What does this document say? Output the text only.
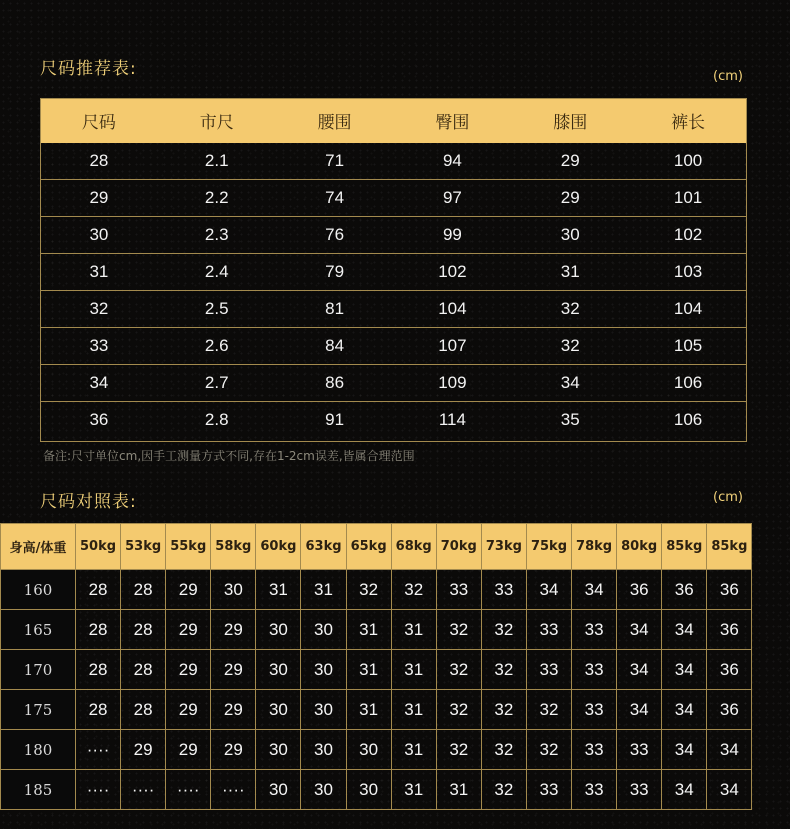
尺码推荐表:	(cm)
尺码	市尺	腰围	臀围	膝围	裤长
28	2.1	71	94	29	100
29	2.2	74	97	29	101
30	2.3	76	99	30	102
31	2.4	79	102	31	103
32	2.5	81	104	32	104
33	2.6	84	107	32	105
34	2.7	86	109	34	106
36	2.8	91	114	35	106
备注:尺寸单位cm,因手工测量方式不同,存在1-2cm误差,皆属合理范围
尺码对照表:	(cm)
身高/体重	50kg	53kg	55kg	58kg	60kg	63kg	65kg	68kg	70kg	73kg	75kg	78kg	80kg	85kg	85kg
160	28	28	29	30	31	31	32	32	33	33	34	34	36	36	36
165	28	28	29	29	30	30	31	31	32	32	33	33	34	34	36
170	28	28	29	29	30	30	31	31	32	32	33	33	34	34	36
175	28	28	29	29	30	30	31	31	32	32	32	33	34	34	36
180	····	29	29	29	30	30	30	31	32	32	32	33	33	34	34
185	····	····	····	····	30	30	30	31	31	32	33	33	33	34	34
